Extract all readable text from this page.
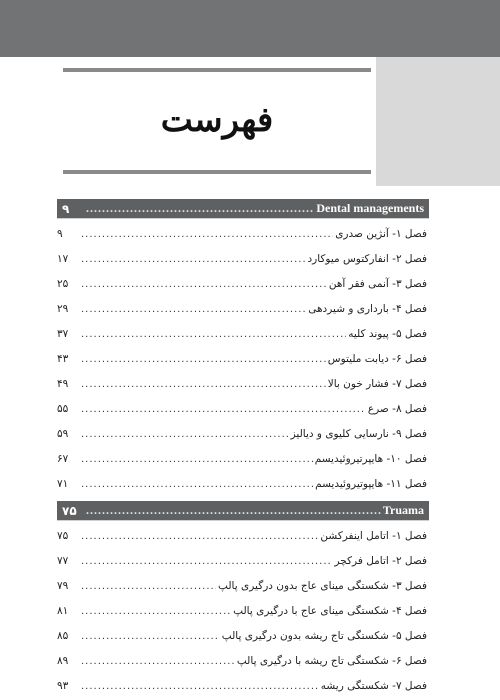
فهرست
۹ .....	Dental managements
فصل ۱- آنژین صدری
.....
۹
فصل ۲- انفارکتوس میوکارد
.....
۱۷
فصل ۳- آنمی فقر آهن
.....
۲۵
فصل ۴- بارداری و شیردهی
.....
۲۹
فصل ۵- پیوند کلیه
.....
۳۷
فصل ۶- دیابت ملیتوس
.....
۴۳
فصل ۷- فشار خون بالا
.....
۴۹
فصل ۸- صرع
.....
۵۵
فصل ۹- نارسایی کلیوی و دیالیز
.....
۵۹
فصل ۱۰- هایپرتیروئیدیسم
.....
۶۷
فصل ۱۱- هایپوتیروئیدیسم
.....
۷۱
۷۵ .....	Truama
فصل ۱- اتامل اینفرکشن
.....
۷۵
فصل ۲- اتامل فرکچر
.....
۷۷
فصل ۳- شکستگی مینای عاج بدون درگیری پالپ
.....
۷۹
فصل ۴- شکستگی مینای عاج با درگیری پالپ
.....
۸۱
فصل ۵- شکستگی تاج ریشه بدون درگیری پالپ
.....
۸۵
فصل ۶- شکستگی تاج ریشه با درگیری پالپ
.....
۸۹
فصل ۷- شکستگی ریشه
.....
۹۳
